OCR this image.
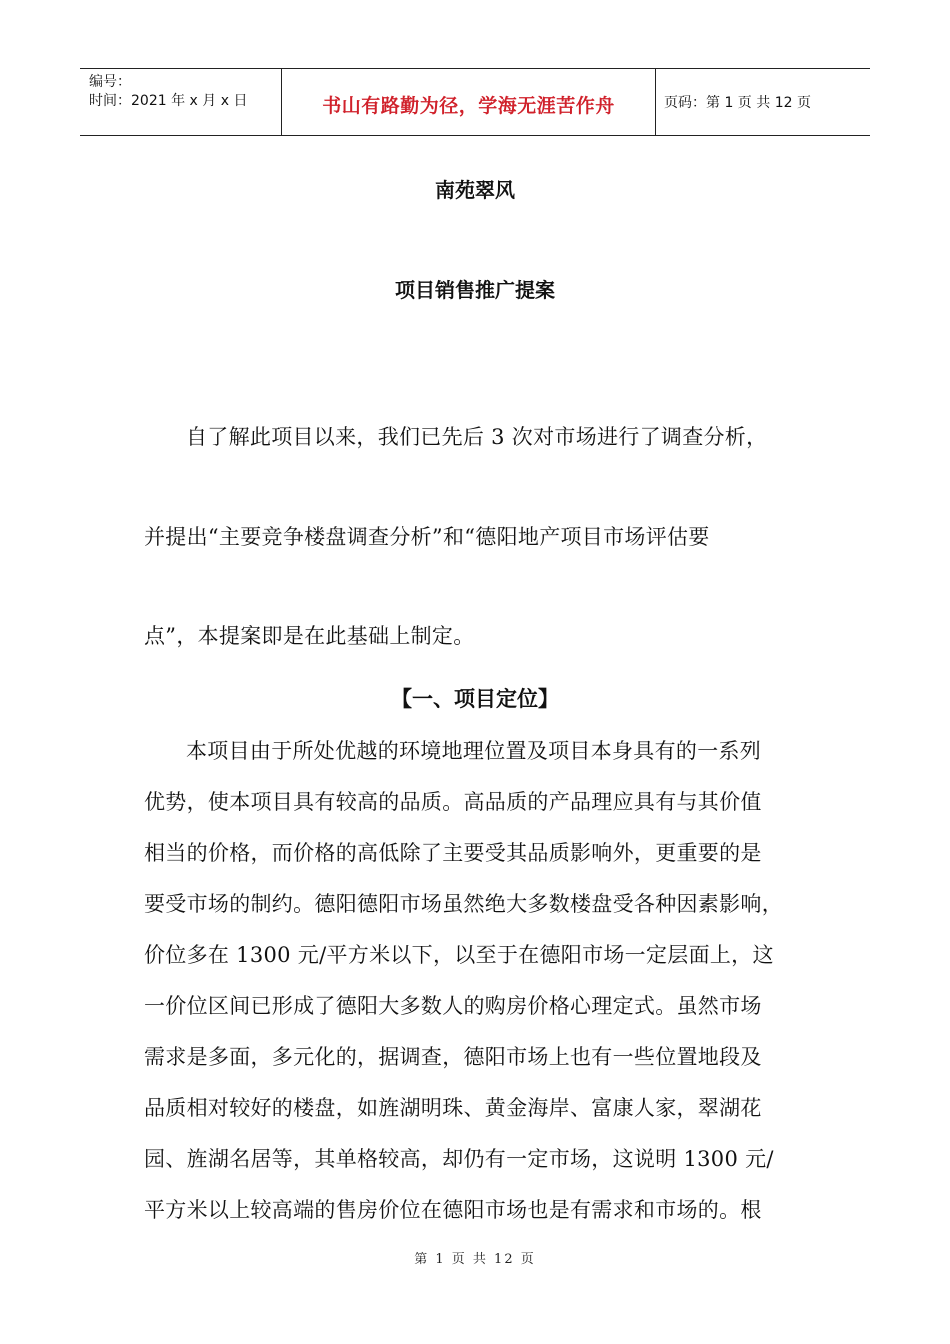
编号：
时间：2021 年 x 月 x 日	书山有路勤为径，学海无涯苦作舟	页码：第 1 页 共 12 页
南苑翠风
项目销售推广提案
自了解此项目以来，我们已先后 3 次对市场进行了调查分析，
并提出“主要竞争楼盘调查分析”和“德阳地产项目市场评估要
点”，本提案即是在此基础上制定。
【一、项目定位】
本项目由于所处优越的环境地理位置及项目本身具有的一系列
优势，使本项目具有较高的品质。高品质的产品理应具有与其价值
相当的价格，而价格的高低除了主要受其品质影响外，更重要的是
要受市场的制约。德阳德阳市场虽然绝大多数楼盘受各种因素影响，
价位多在 1300 元/平方米以下，以至于在德阳市场一定层面上，这
一价位区间已形成了德阳大多数人的购房价格心理定式。虽然市场
需求是多面，多元化的，据调查，德阳市场上也有一些位置地段及
品质相对较好的楼盘，如旌湖明珠、黄金海岸、富康人家，翠湖花
园、旌湖名居等，其单格较高，却仍有一定市场，这说明 1300 元/
平方米以上较高端的售房价位在德阳市场也是有需求和市场的。根
第 1 页 共 12 页
